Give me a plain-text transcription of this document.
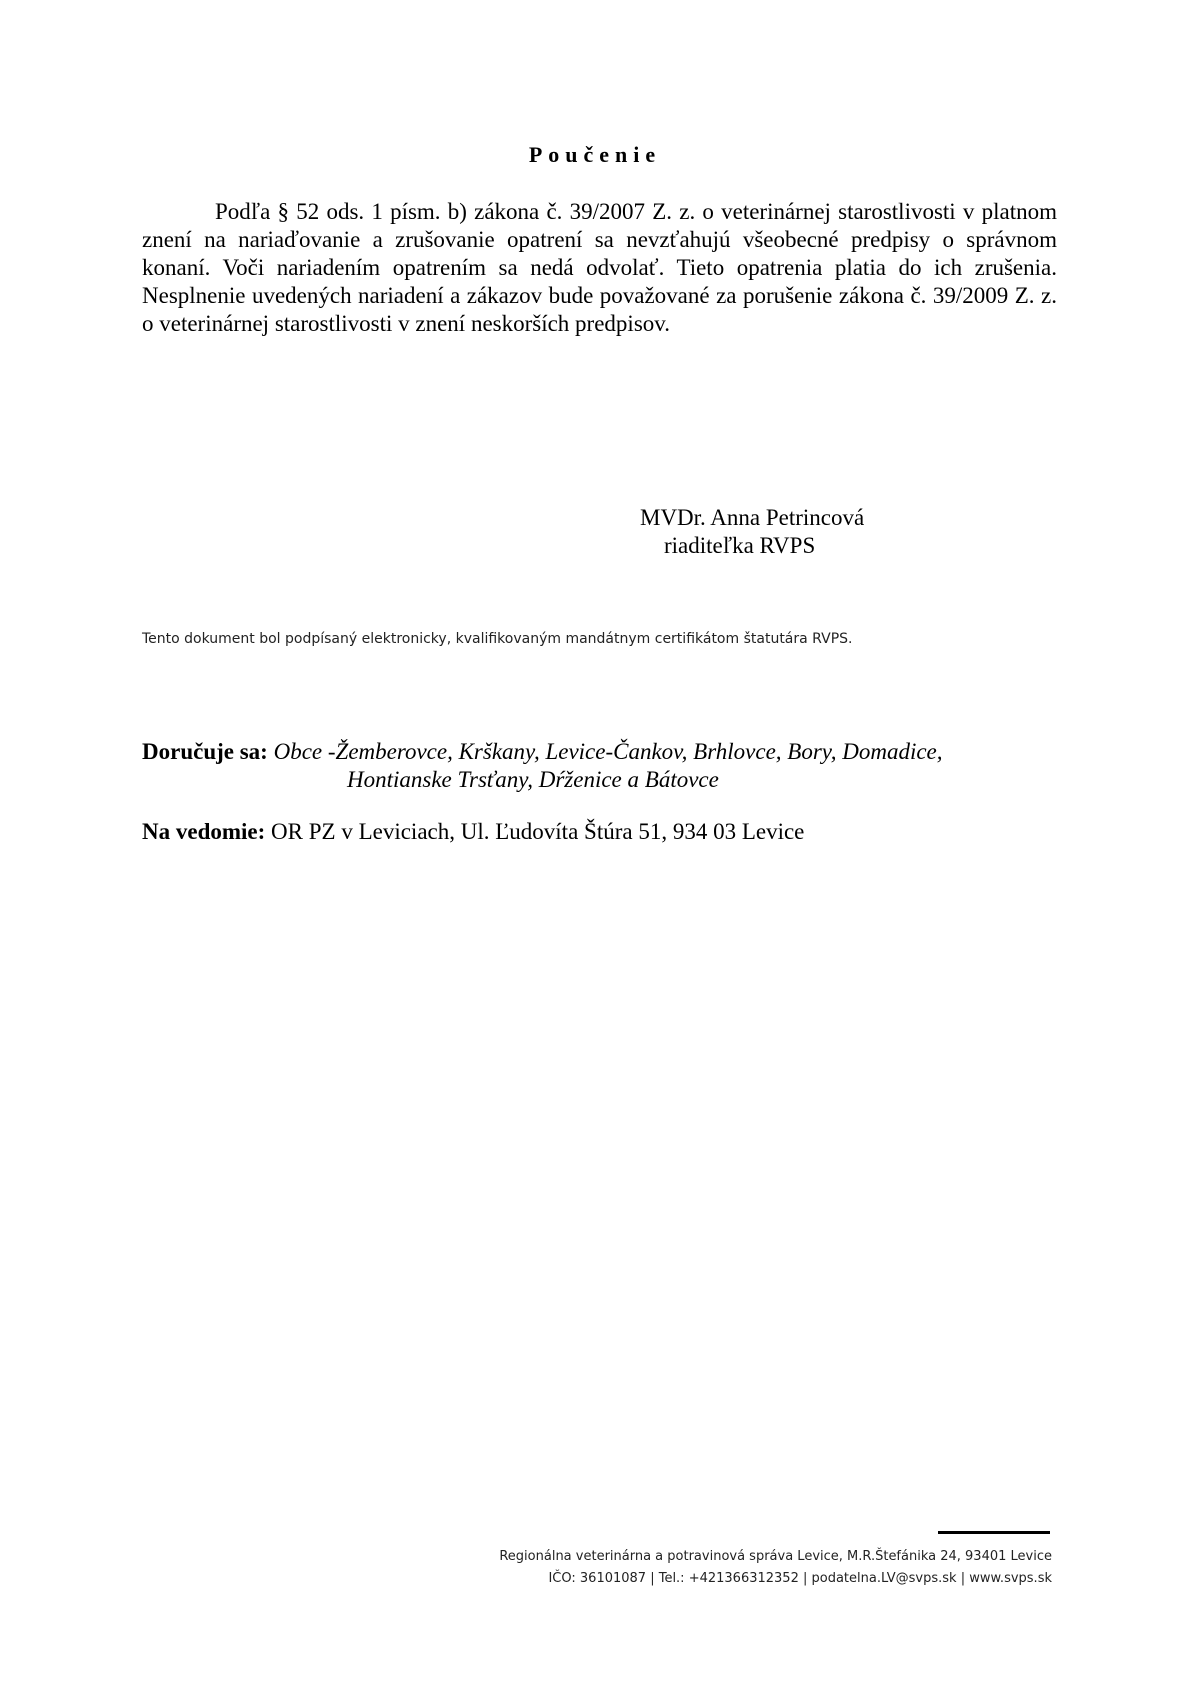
Poučenie

Podľa § 52 ods. 1 písm. b) zákona č. 39/2007 Z. z. o veterinárnej starostlivosti v platnom znení na nariaďovanie a zrušovanie opatrení sa nevzťahujú všeobecné predpisy o správnom konaní. Voči nariadením opatrením sa nedá odvolať. Tieto opatrenia platia do ich zrušenia. Nesplnenie uvedených nariadení a zákazov bude považované za porušenie zákona č. 39/2009 Z. z. o veterinárnej starostlivosti v znení neskorších predpisov.

MVDr. Anna Petrincová
riaditeľka RVPS
Tento dokument bol podpísaný elektronicky, kvalifikovaným mandátnym certifikátom štatutára RVPS.
Doručuje sa: Obce -Žemberovce, Krškany, Levice-Čankov, Brhlovce, Bory, Domadice,
Hontianske Trsťany, Dŕženice a Bátovce
Na vedomie: OR PZ v Leviciach, Ul. Ľudovíta Štúra 51, 934 03 Levice
Regionálna veterinárna a potravinová správa Levice, M.R.Štefánika 24, 93401 Levice
IČO: 36101087 | Tel.: +421366312352 | podatelna.LV@svps.sk | www.svps.sk
